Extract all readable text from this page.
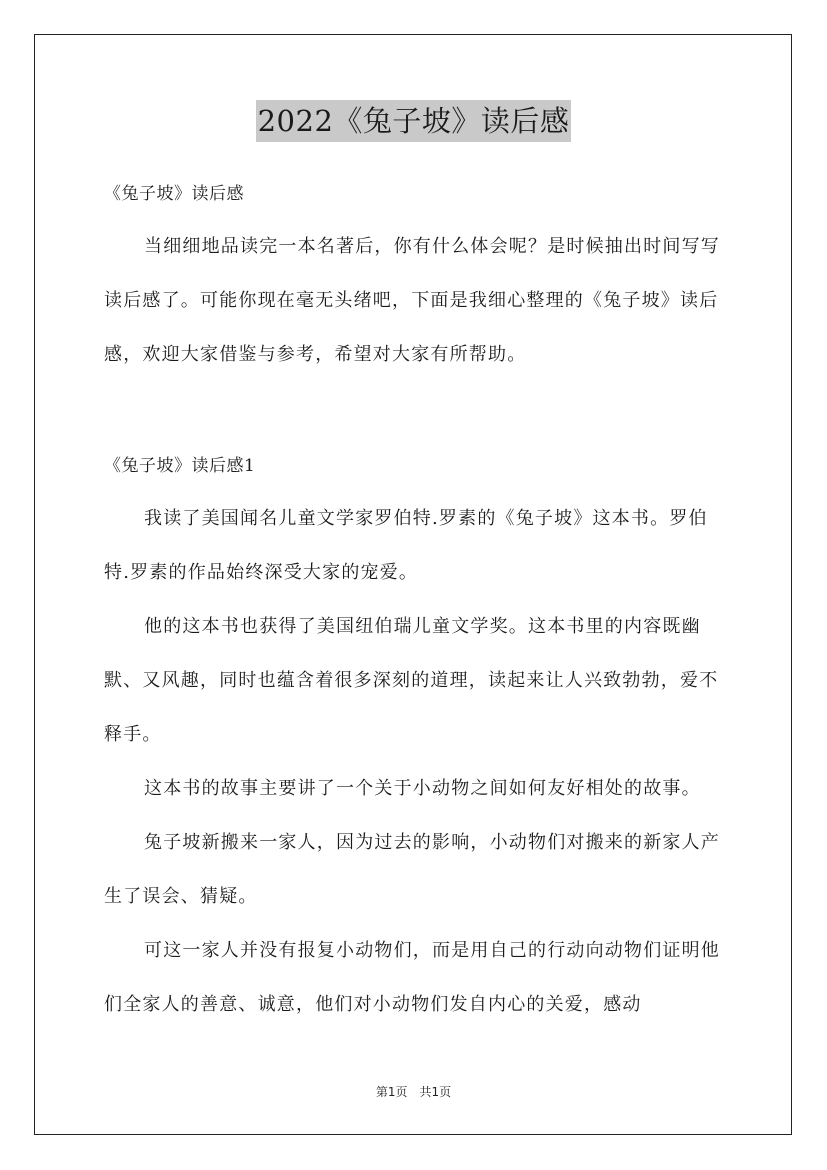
2022《兔子坡》读后感
《兔子坡》读后感

当细细地品读完一本名著后，你有什么体会呢？是时候抽出时间写写读后感了。可能你现在毫无头绪吧，下面是我细心整理的《兔子坡》读后感，欢迎大家借鉴与参考，希望对大家有所帮助。

《兔子坡》读后感1

我读了美国闻名儿童文学家罗伯特.罗素的《兔子坡》这本书。罗伯特.罗素的作品始终深受大家的宠爱。

他的这本书也获得了美国纽伯瑞儿童文学奖。这本书里的内容既幽默、又风趣，同时也蕴含着很多深刻的道理，读起来让人兴致勃勃，爱不释手。

这本书的故事主要讲了一个关于小动物之间如何友好相处的故事。

兔子坡新搬来一家人，因为过去的影响，小动物们对搬来的新家人产生了误会、猜疑。

可这一家人并没有报复小动物们，而是用自己的行动向动物们证明他们全家人的善意、诚意，他们对小动物们发自内心的关爱，感动

第1页　共1页
